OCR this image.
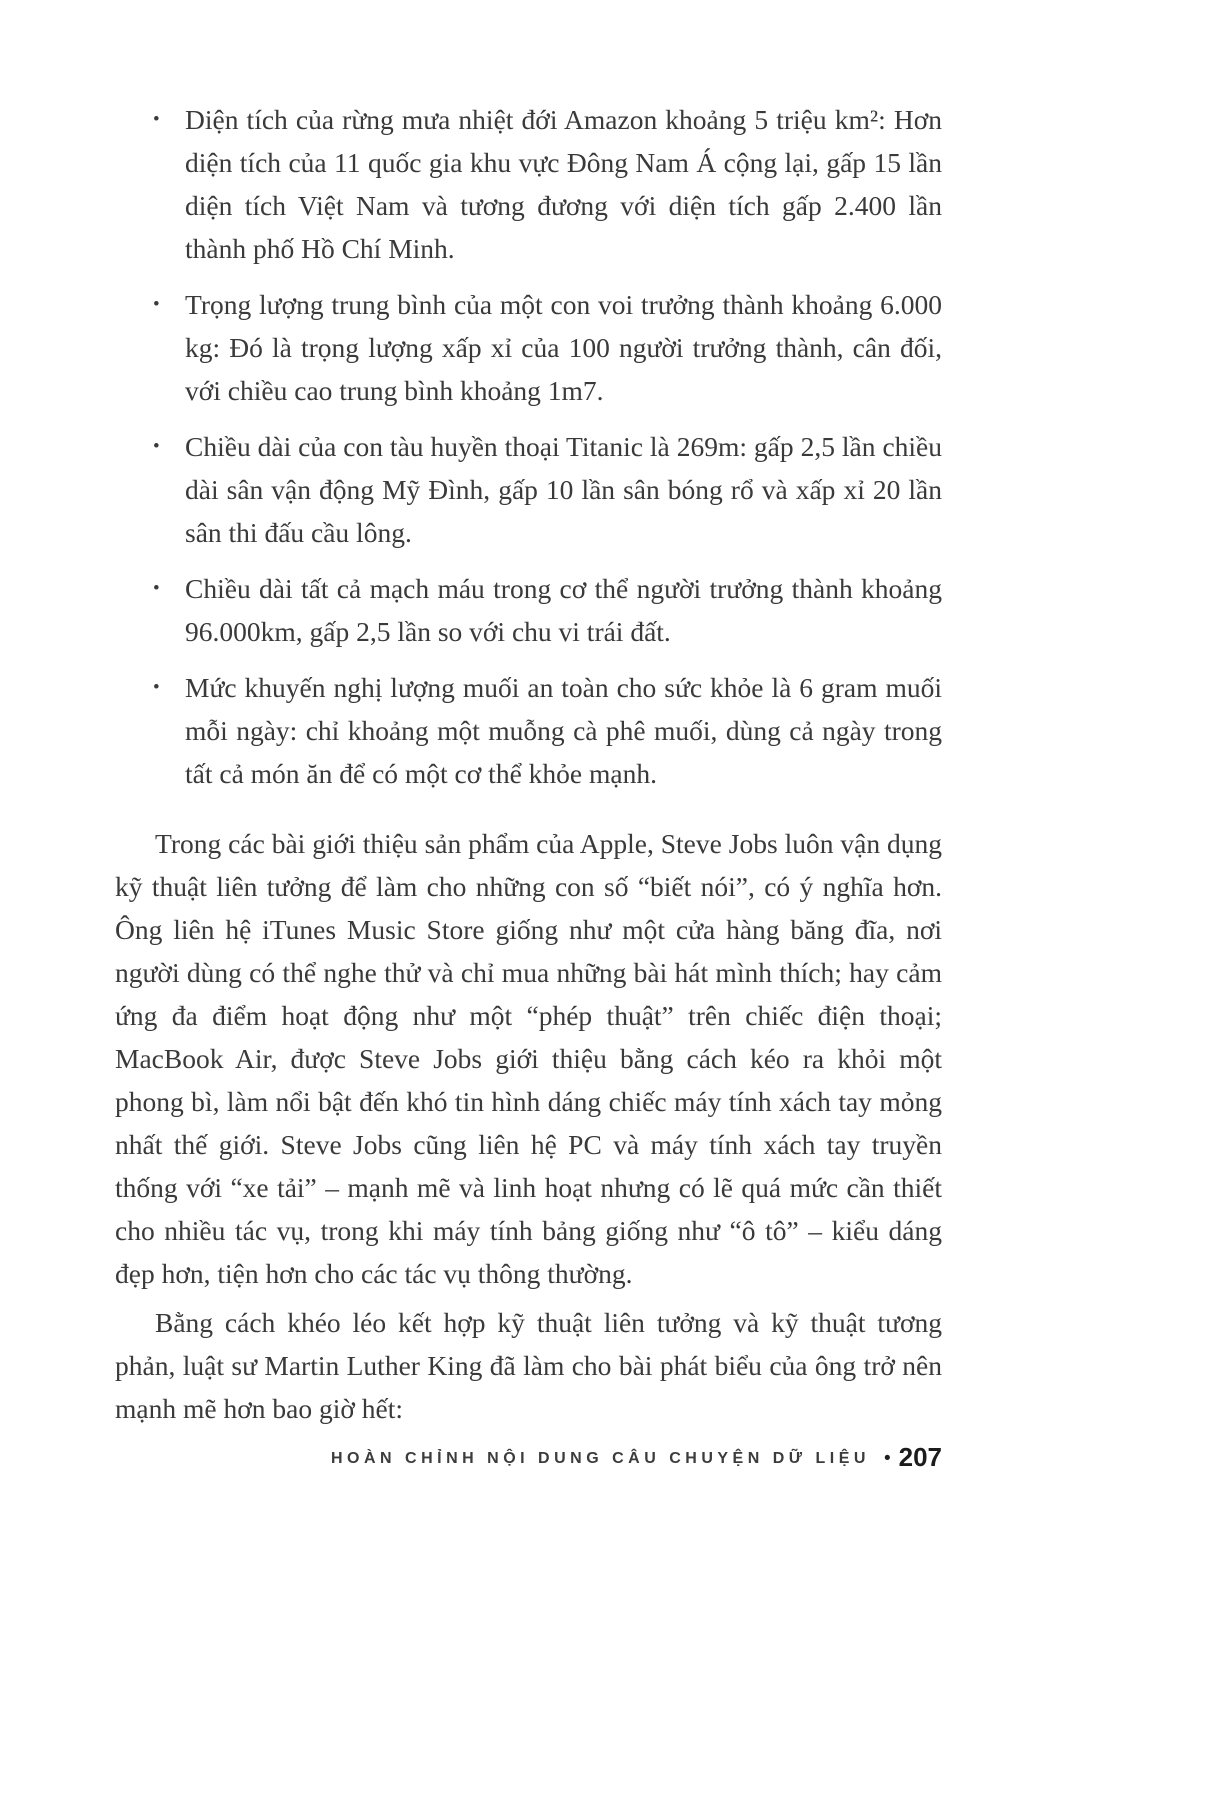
• Diện tích của rừng mưa nhiệt đới Amazon khoảng 5 triệu km²: Hơn diện tích của 11 quốc gia khu vực Đông Nam Á cộng lại, gấp 15 lần diện tích Việt Nam và tương đương với diện tích gấp 2.400 lần thành phố Hồ Chí Minh.
• Trọng lượng trung bình của một con voi trưởng thành khoảng 6.000 kg: Đó là trọng lượng xấp xỉ của 100 người trưởng thành, cân đối, với chiều cao trung bình khoảng 1m7.
• Chiều dài của con tàu huyền thoại Titanic là 269m: gấp 2,5 lần chiều dài sân vận động Mỹ Đình, gấp 10 lần sân bóng rổ và xấp xỉ 20 lần sân thi đấu cầu lông.
• Chiều dài tất cả mạch máu trong cơ thể người trưởng thành khoảng 96.000km, gấp 2,5 lần so với chu vi trái đất.
• Mức khuyến nghị lượng muối an toàn cho sức khỏe là 6 gram muối mỗi ngày: chỉ khoảng một muỗng cà phê muối, dùng cả ngày trong tất cả món ăn để có một cơ thể khỏe mạnh.

Trong các bài giới thiệu sản phẩm của Apple, Steve Jobs luôn vận dụng kỹ thuật liên tưởng để làm cho những con số “biết nói”, có ý nghĩa hơn. Ông liên hệ iTunes Music Store giống như một cửa hàng băng đĩa, nơi người dùng có thể nghe thử và chỉ mua những bài hát mình thích; hay cảm ứng đa điểm hoạt động như một “phép thuật” trên chiếc điện thoại; MacBook Air, được Steve Jobs giới thiệu bằng cách kéo ra khỏi một phong bì, làm nổi bật đến khó tin hình dáng chiếc máy tính xách tay mỏng nhất thế giới. Steve Jobs cũng liên hệ PC và máy tính xách tay truyền thống với “xe tải” – mạnh mẽ và linh hoạt nhưng có lẽ quá mức cần thiết cho nhiều tác vụ, trong khi máy tính bảng giống như “ô tô” – kiểu dáng đẹp hơn, tiện hơn cho các tác vụ thông thường.

Bằng cách khéo léo kết hợp kỹ thuật liên tưởng và kỹ thuật tương phản, luật sư Martin Luther King đã làm cho bài phát biểu của ông trở nên mạnh mẽ hơn bao giờ hết:

HOÀN CHỈNH NỘI DUNG CÂU CHUYỆN DỮ LIỆU • 207
